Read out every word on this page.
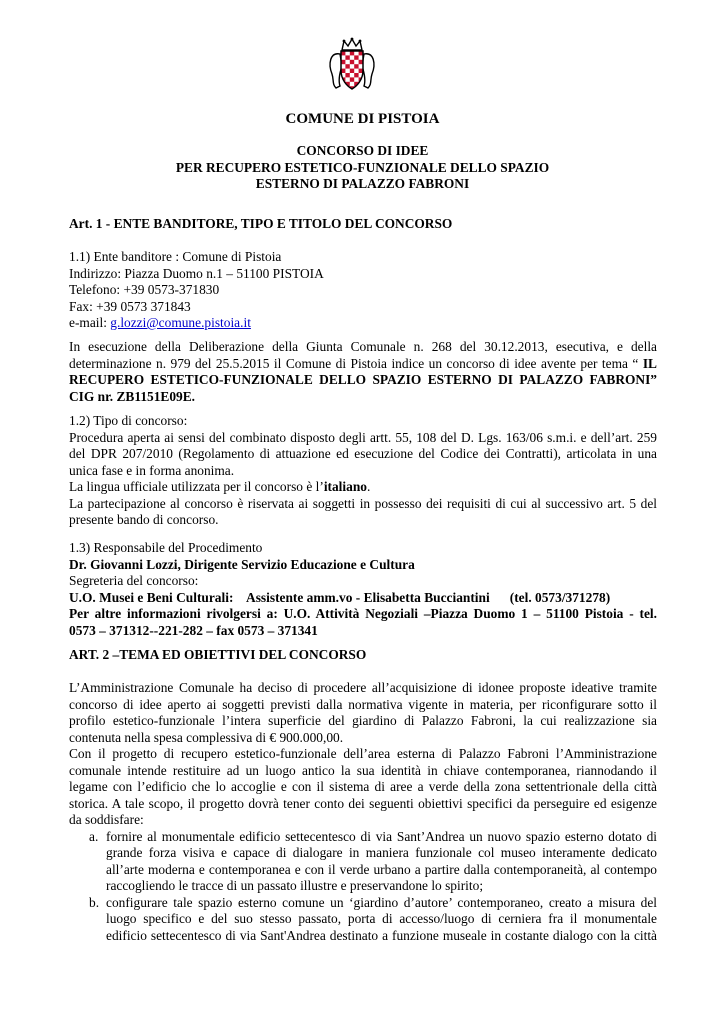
COMUNE DI PISTOIA
CONCORSO DI IDEE
PER RECUPERO ESTETICO-FUNZIONALE DELLO SPAZIO
ESTERNO DI PALAZZO FABRONI
Art. 1 - ENTE BANDITORE, TIPO E TITOLO DEL CONCORSO
1.1) Ente banditore : Comune di Pistoia
Indirizzo: Piazza Duomo n.1 – 51100 PISTOIA
Telefono: +39 0573-371830
Fax: +39 0573 371843
e-mail: g.lozzi@comune.pistoia.it
In esecuzione della Deliberazione della Giunta Comunale n. 268 del 30.12.2013, esecutiva, e della
determinazione n. 979 del 25.5.2015 il Comune di Pistoia indice un concorso di idee avente per tema “ IL
RECUPERO ESTETICO-FUNZIONALE DELLO SPAZIO ESTERNO DI PALAZZO FABRONI”
CIG nr. ZB1151E09E.
1.2) Tipo di concorso:
Procedura aperta ai sensi del combinato disposto degli artt. 55, 108 del D. Lgs. 163/06 s.m.i. e dell’art. 259
del DPR 207/2010 (Regolamento di attuazione ed esecuzione del Codice dei Contratti), articolata in una
unica fase e in forma anonima.
La lingua ufficiale utilizzata per il concorso è l’italiano.
La partecipazione al concorso è riservata ai soggetti in possesso dei requisiti di cui al successivo art. 5 del
presente bando di concorso.
1.3) Responsabile del Procedimento
Dr. Giovanni Lozzi, Dirigente Servizio Educazione e Cultura
Segreteria del concorso:
U.O. Musei e Beni Culturali:    Assistente amm.vo - Elisabetta Bucciantini      (tel. 0573/371278)
Per altre informazioni rivolgersi a: U.O. Attività Negoziali –Piazza Duomo 1 – 51100 Pistoia - tel.
0573 – 371312--221-282 – fax 0573 – 371341
ART. 2 –TEMA ED OBIETTIVI DEL CONCORSO
L’Amministrazione Comunale ha deciso di procedere all’acquisizione di idonee proposte ideative tramite
concorso di idee aperto ai soggetti previsti dalla normativa vigente in materia, per riconfigurare sotto il
profilo estetico-funzionale l’intera superficie del giardino di Palazzo Fabroni, la cui realizzazione sia
contenuta nella spesa complessiva di € 900.000,00.
Con il progetto di recupero estetico-funzionale dell’area esterna di Palazzo Fabroni l’Amministrazione
comunale intende restituire ad un luogo antico la sua identità in chiave contemporanea, riannodando il
legame con l’edificio che lo accoglie e con il sistema di aree a verde della zona settentrionale della città
storica. A tale scopo, il progetto dovrà tener conto dei seguenti obiettivi specifici da perseguire ed esigenze
da soddisfare:
a. fornire al monumentale edificio settecentesco di via Sant’Andrea un nuovo spazio esterno dotato di
grande forza visiva e capace di dialogare in maniera funzionale col museo interamente dedicato
all’arte moderna e contemporanea e con il verde urbano a partire dalla contemporaneità, al contempo
raccogliendo le tracce di un passato illustre e preservandone lo spirito;
b. configurare tale spazio esterno comune un ‘giardino d’autore’ contemporaneo, creato a misura del
luogo specifico e del suo stesso passato, porta di accesso/luogo di cerniera fra il monumentale
edificio settecentesco di via Sant'Andrea destinato a funzione museale in costante dialogo con la città
